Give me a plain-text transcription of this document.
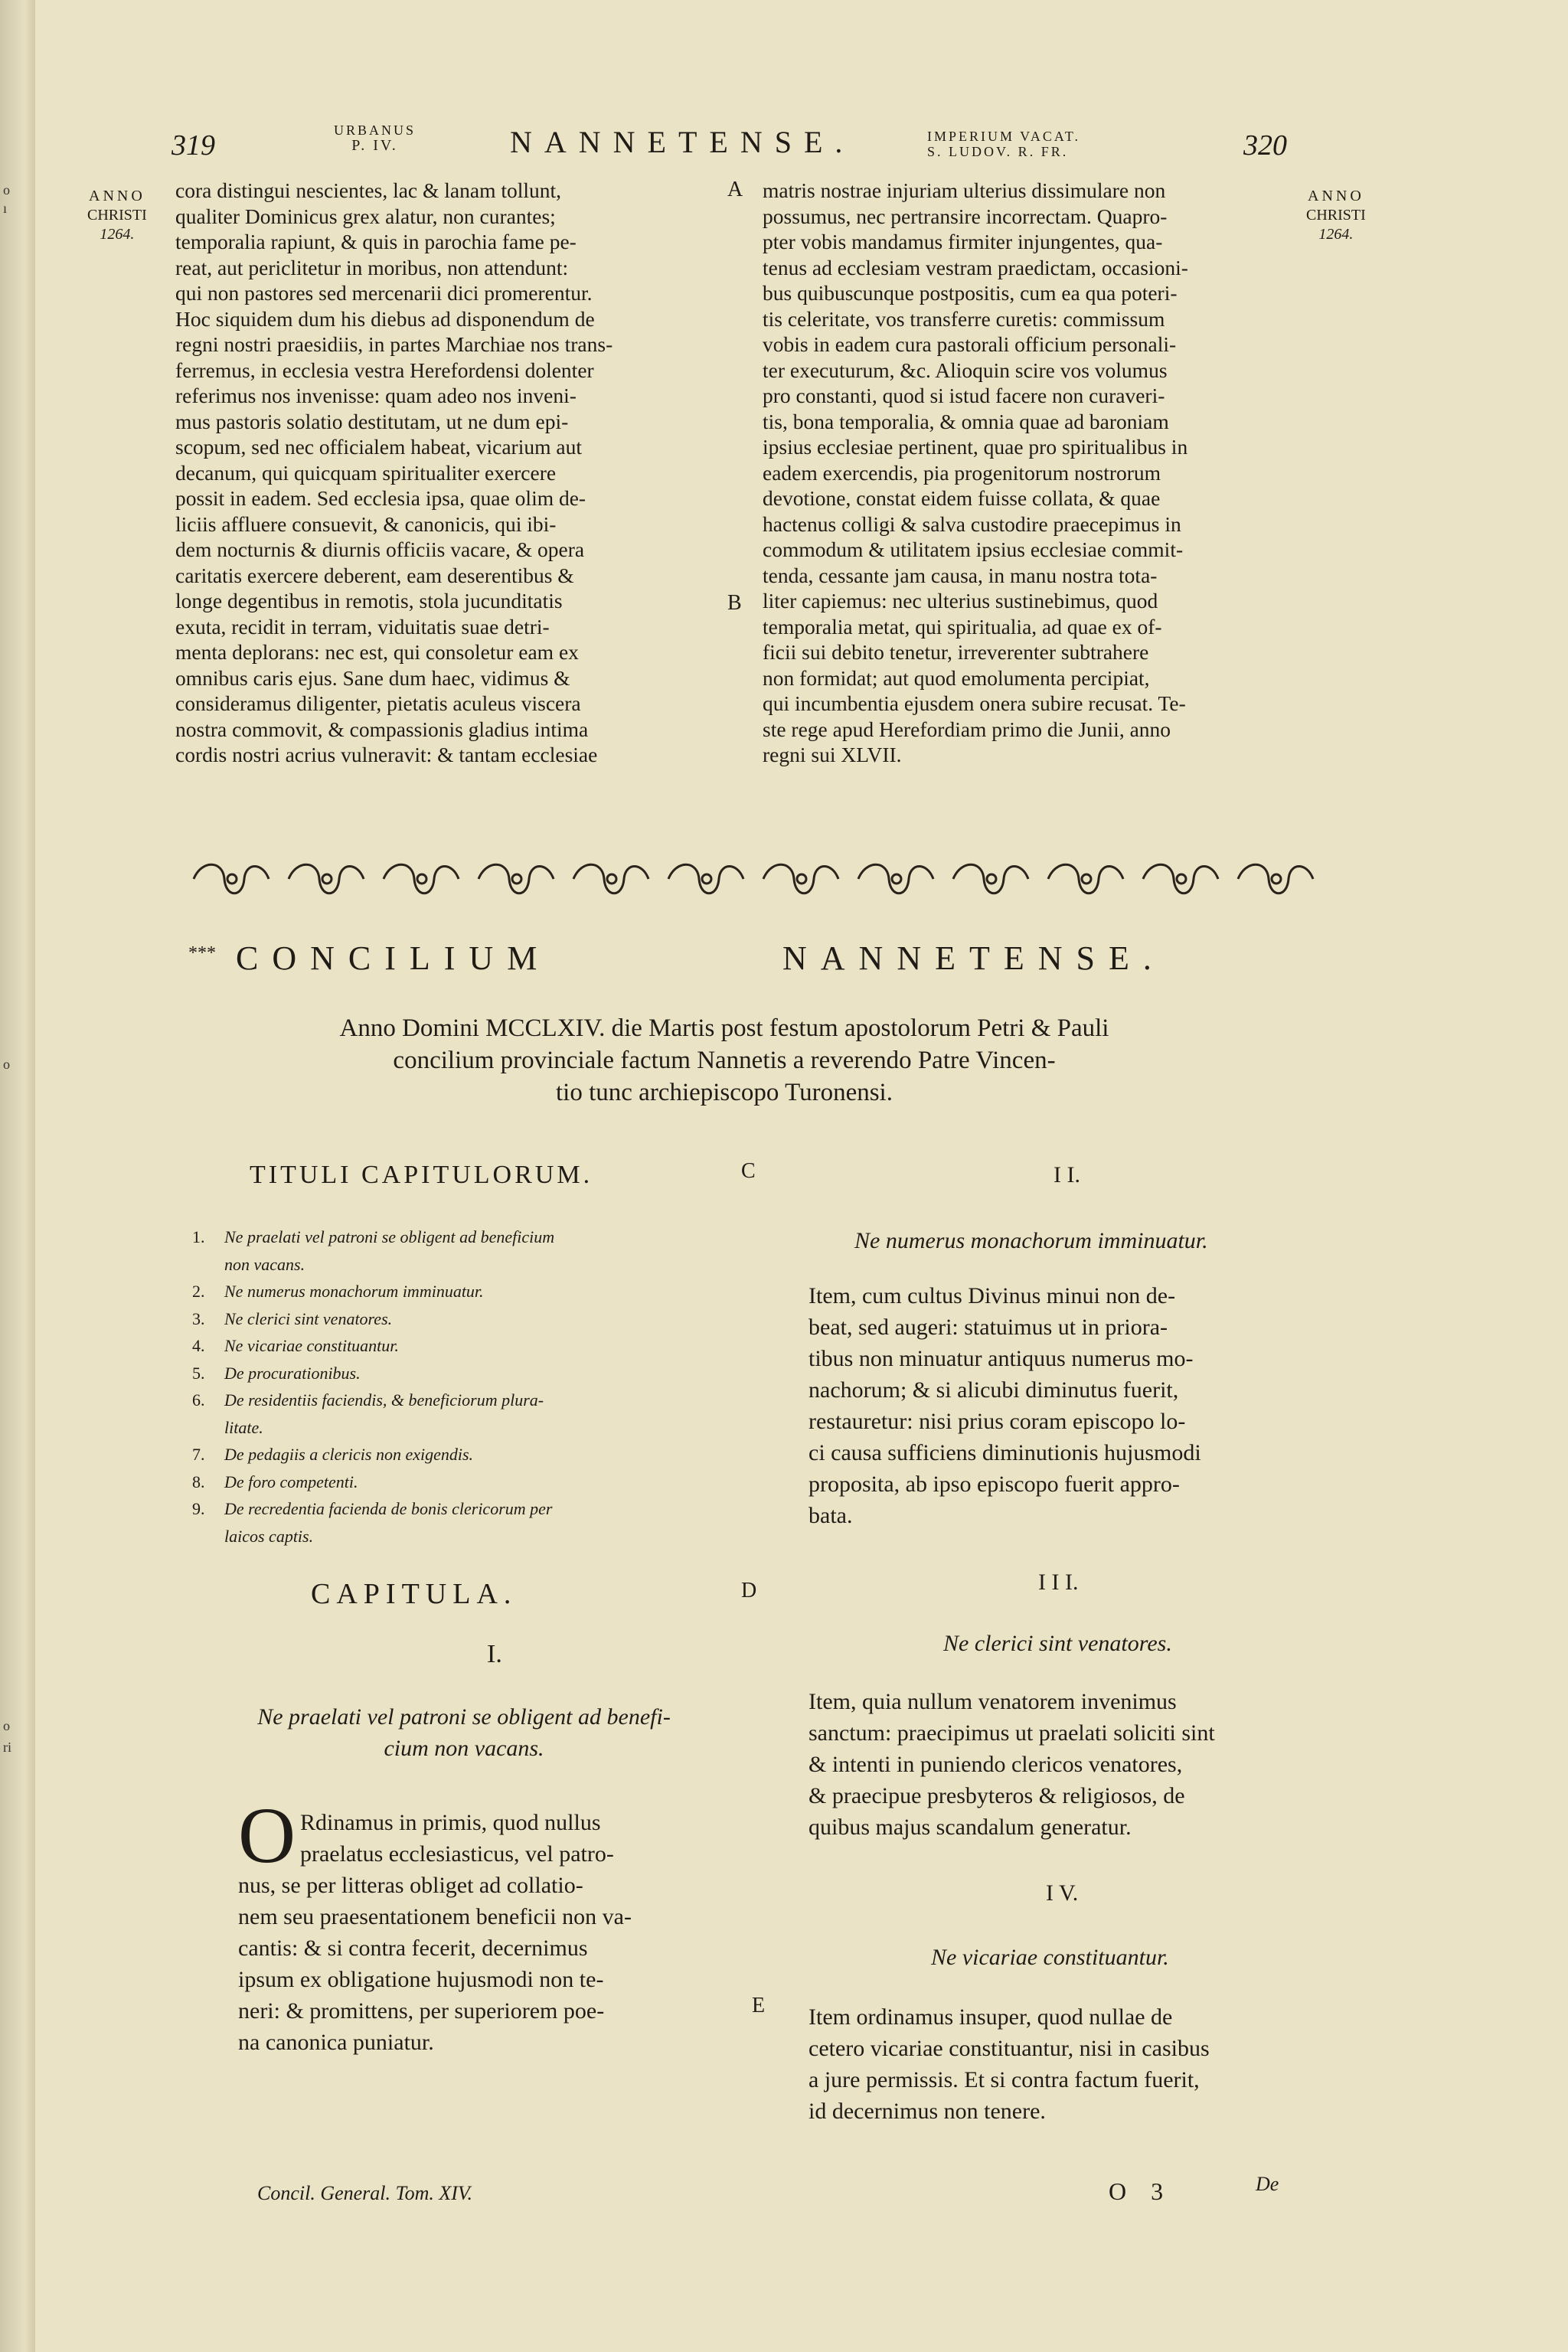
o
ı
o
o
ri
319	URBANUS
P. IV.	NANNETENSE.	IMPERIUM VACAT.
S. LUDOV. R. FR.	320
ANNO
CHRISTI
1264.
ANNO
CHRISTI
1264.
cora distingui nescientes, lac & lanam tollunt,
qualiter Dominicus grex alatur, non curantes;
temporalia rapiunt, & quis in parochia fame pe-
reat, aut periclitetur in moribus, non attendunt:
qui non pastores sed mercenarii dici promerentur.
Hoc siquidem dum his diebus ad disponendum de
regni nostri praesidiis, in partes Marchiae nos trans-
ferremus, in ecclesia vestra Herefordensi dolenter
referimus nos invenisse: quam adeo nos inveni-
mus pastoris solatio destitutam, ut ne dum epi-
scopum, sed nec officialem habeat, vicarium aut
decanum, qui quicquam spiritualiter exercere
possit in eadem. Sed ecclesia ipsa, quae olim de-
liciis affluere consuevit, & canonicis, qui ibi-
dem nocturnis & diurnis officiis vacare, & opera
caritatis exercere deberent, eam deserentibus &
longe degentibus in remotis, stola jucunditatis
exuta, recidit in terram, viduitatis suae detri-
menta deplorans: nec est, qui consoletur eam ex
omnibus caris ejus. Sane dum haec, vidimus &
consideramus diligenter, pietatis aculeus viscera
nostra commovit, & compassionis gladius intima
cordis nostri acrius vulneravit: & tantam ecclesiae
matris nostrae injuriam ulterius dissimulare non
possumus, nec pertransire incorrectam. Quapro-
pter vobis mandamus firmiter injungentes, qua-
tenus ad ecclesiam vestram praedictam, occasioni-
bus quibuscunque postpositis, cum ea qua poteri-
tis celeritate, vos transferre curetis: commissum
vobis in eadem cura pastorali officium personali-
ter executurum, &c. Alioquin scire vos volumus
pro constanti, quod si istud facere non curaveri-
tis, bona temporalia, & omnia quae ad baroniam
ipsius ecclesiae pertinent, quae pro spiritualibus in
eadem exercendis, pia progenitorum nostrorum
devotione, constat eidem fuisse collata, & quae
hactenus colligi & salva custodire praecepimus in
commodum & utilitatem ipsius ecclesiae commit-
tenda, cessante jam causa, in manu nostra tota-
liter capiemus: nec ulterius sustinebimus, quod
temporalia metat, qui spiritualia, ad quae ex of-
ficii sui debito tenetur, irreverenter subtrahere
non formidat; aut quod emolumenta percipiat,
qui incumbentia ejusdem onera subire recusat. Te-
ste rege apud Herefordiam primo die Junii, anno
regni sui XLVII.
A
B
C
D
E
*** CONCILIUM	NANNETENSE.
Anno Domini MCCLXIV. die Martis post festum apostolorum Petri & Pauli
concilium provinciale factum Nannetis a reverendo Patre Vincen-
tio tunc archiepiscopo Turonensi.
TITULI CAPITULORUM.
1. Ne praelati vel patroni se obligent ad beneficium
non vacans.
2. Ne numerus monachorum imminuatur.
3. Ne clerici sint venatores.
4. Ne vicariae constituantur.
5. De procurationibus.
6. De residentiis faciendis, & beneficiorum plura-
litate.
7. De pedagiis a clericis non exigendis.
8. De foro competenti.
9. De recredentia facienda de bonis clericorum per
laicos captis.
CAPITULA.
I.
Ne praelati vel patroni se obligent ad benefi-
cium non vacans.
O Rdinamus in primis, quod nullus
praelatus ecclesiasticus, vel patro-
nus, se per litteras obliget ad collatio-
nem seu praesentationem beneficii non va-
cantis: & si contra fecerit, decernimus
ipsum ex obligatione hujusmodi non te-
neri: & promittens, per superiorem poe-
na canonica puniatur.
I I.
Ne numerus monachorum imminuatur.
Item, cum cultus Divinus minui non de-
beat, sed augeri: statuimus ut in priora-
tibus non minuatur antiquus numerus mo-
nachorum; & si alicubi diminutus fuerit,
restauretur: nisi prius coram episcopo lo-
ci causa sufficiens diminutionis hujusmodi
proposita, ab ipso episcopo fuerit appro-
bata.
I I I.
Ne clerici sint venatores.
Item, quia nullum venatorem invenimus
sanctum: praecipimus ut praelati soliciti sint
& intenti in puniendo clericos venatores,
& praecipue presbyteros & religiosos, de
quibus majus scandalum generatur.
I V.
Ne vicariae constituantur.
Item ordinamus insuper, quod nullae de
cetero vicariae constituantur, nisi in casibus
a jure permissis. Et si contra factum fuerit,
id decernimus non tenere.
Concil. General. Tom. XIV.	O 3	De
